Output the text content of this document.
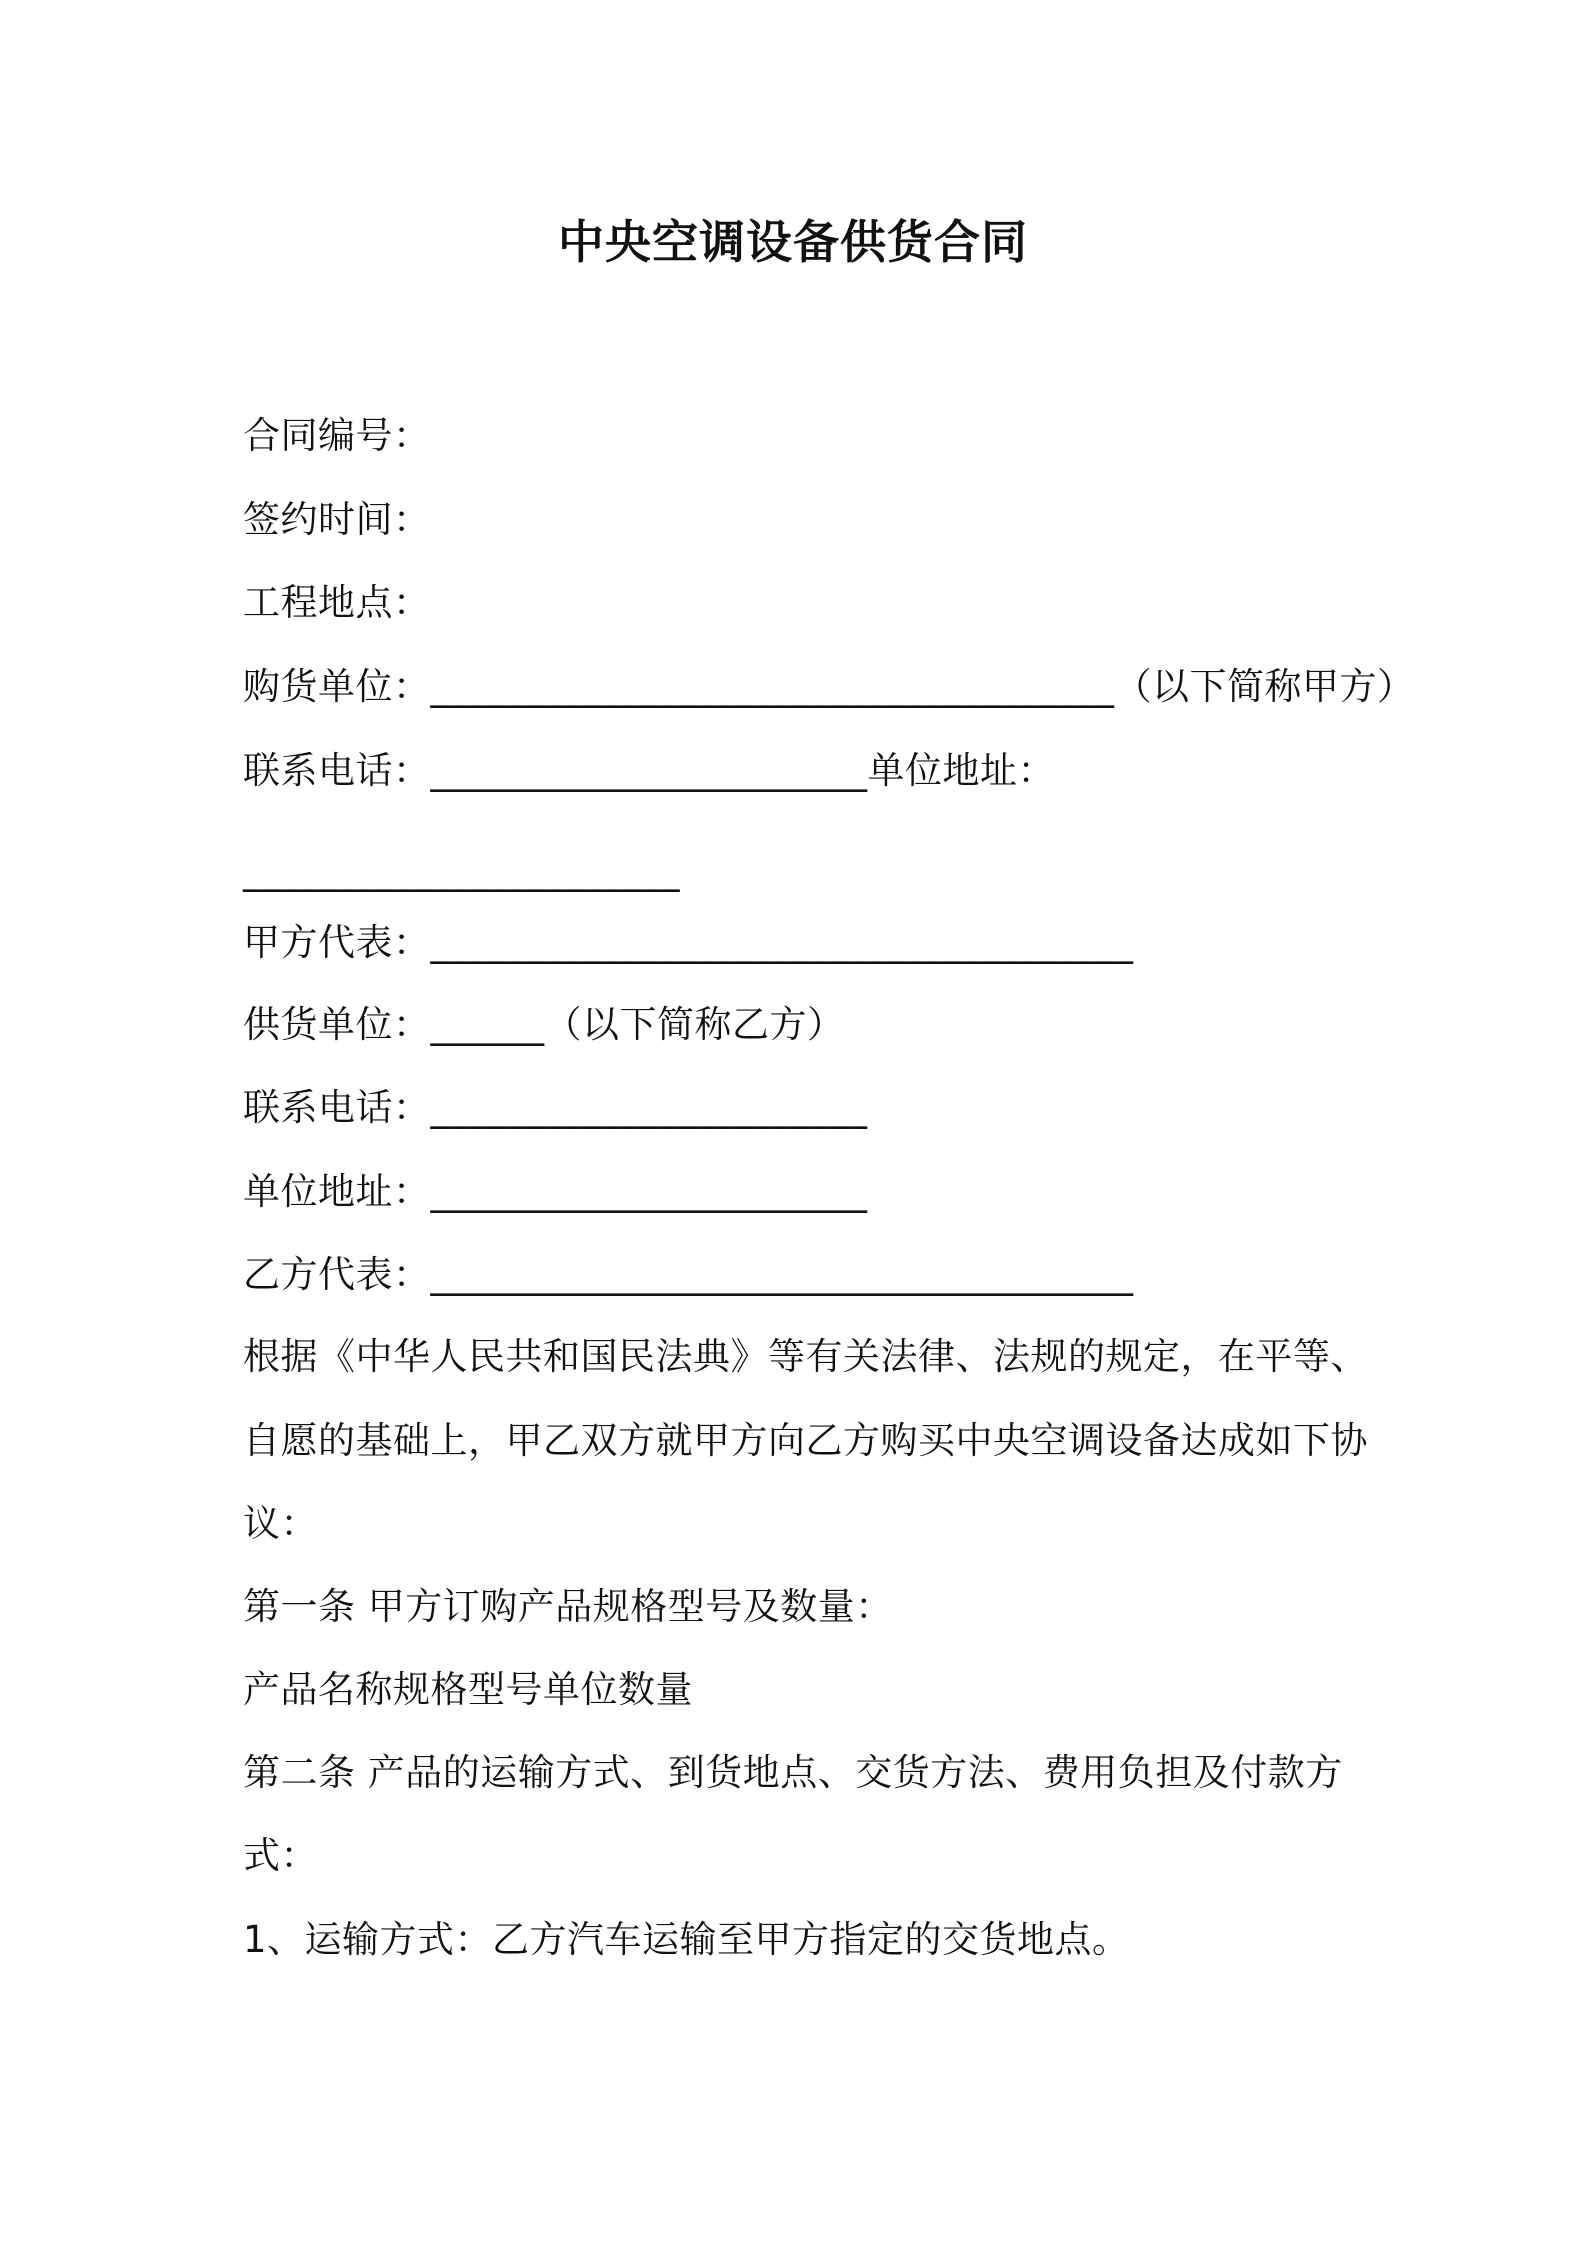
中央空调设备供货合同
合同编号：
签约时间：
工程地点：
购货单位：____________________________________（以下简称甲方）
联系电话：_______________________单位地址：
_______________________
甲方代表：_____________________________________
供货单位：______（以下简称乙方）
联系电话：_______________________
单位地址：_______________________
乙方代表：_____________________________________
根据《中华人民共和国民法典》等有关法律、法规的规定，在平等、
自愿的基础上，甲乙双方就甲方向乙方购买中央空调设备达成如下协
议：
第一条 甲方订购产品规格型号及数量：
产品名称规格型号单位数量
第二条 产品的运输方式、到货地点、交货方法、费用负担及付款方
式：
1、运输方式：乙方汽车运输至甲方指定的交货地点。
